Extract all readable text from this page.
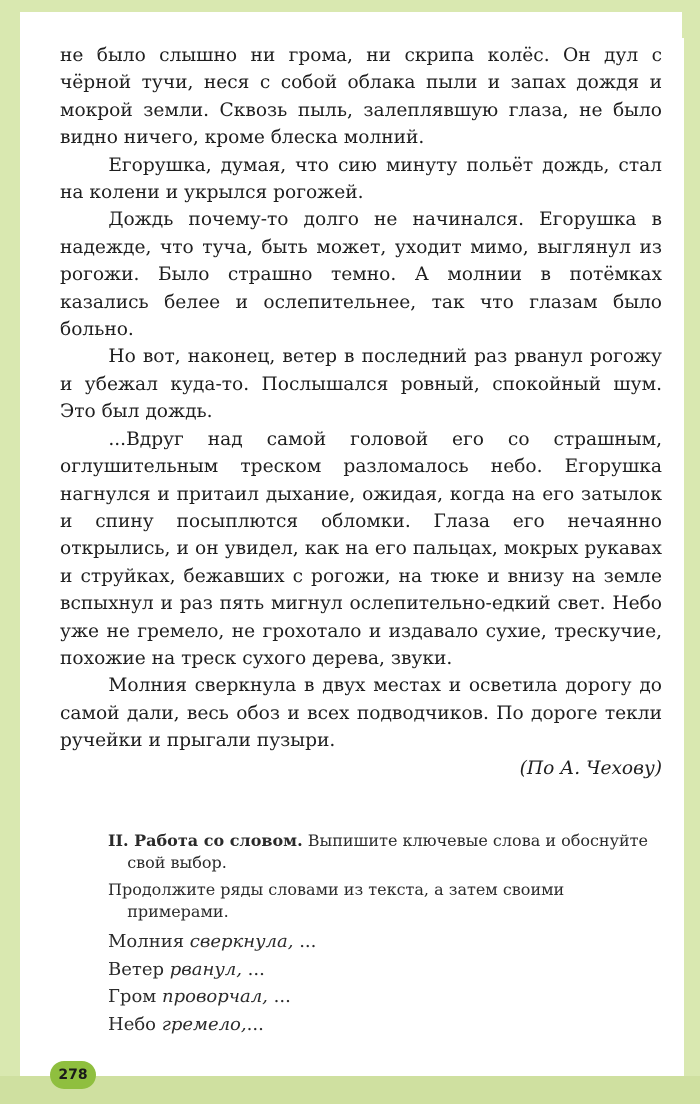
не было слышно ни грома, ни скрипа колёс. Он дул с чёрной тучи, неся с собой облака пыли и запах дождя и мокрой земли. Сквозь пыль, залеплявшую глаза, не было видно ничего, кроме блеска молний.

Егорушка, думая, что сию минуту польёт дождь, стал на колени и укрылся рогожей.

Дождь почему-то долго не начинался. Егорушка в надежде, что туча, быть может, уходит мимо, выглянул из рогожи. Было страшно темно. А молнии в потёмках казались белее и ослепительнее, так что глазам было больно.

Но вот, наконец, ветер в последний раз рванул рогожу и убежал куда-то. Послышался ровный, спокойный шум. Это был дождь.

...Вдруг над самой головой его со страшным, оглушительным треском разломалось небо. Егорушка нагнулся и притаил дыхание, ожидая, когда на его затылок и спину посыплются обломки. Глаза его нечаянно открылись, и он увидел, как на его пальцах, мокрых рукавах и струйках, бежавших с рогожи, на тюке и внизу на земле вспыхнул и раз пять мигнул ослепительно-едкий свет. Небо уже не гремело, не грохотало и издавало сухие, трескучие, похожие на треск сухого дерева, звуки.

Молния сверкнула в двух местах и осветила дорогу до самой дали, весь обоз и всех подводчиков. По дороге текли ручейки и прыгали пузыри.

(По А. Чехову)

II. Работа со словом. Выпишите ключевые слова и обоснуйте свой выбор.

Продолжите ряды словами из текста, а затем своими примерами.

Молния сверкнула, ...
Ветер рванул, ...
Гром проворчал, ...
Небо гремело,...
278
